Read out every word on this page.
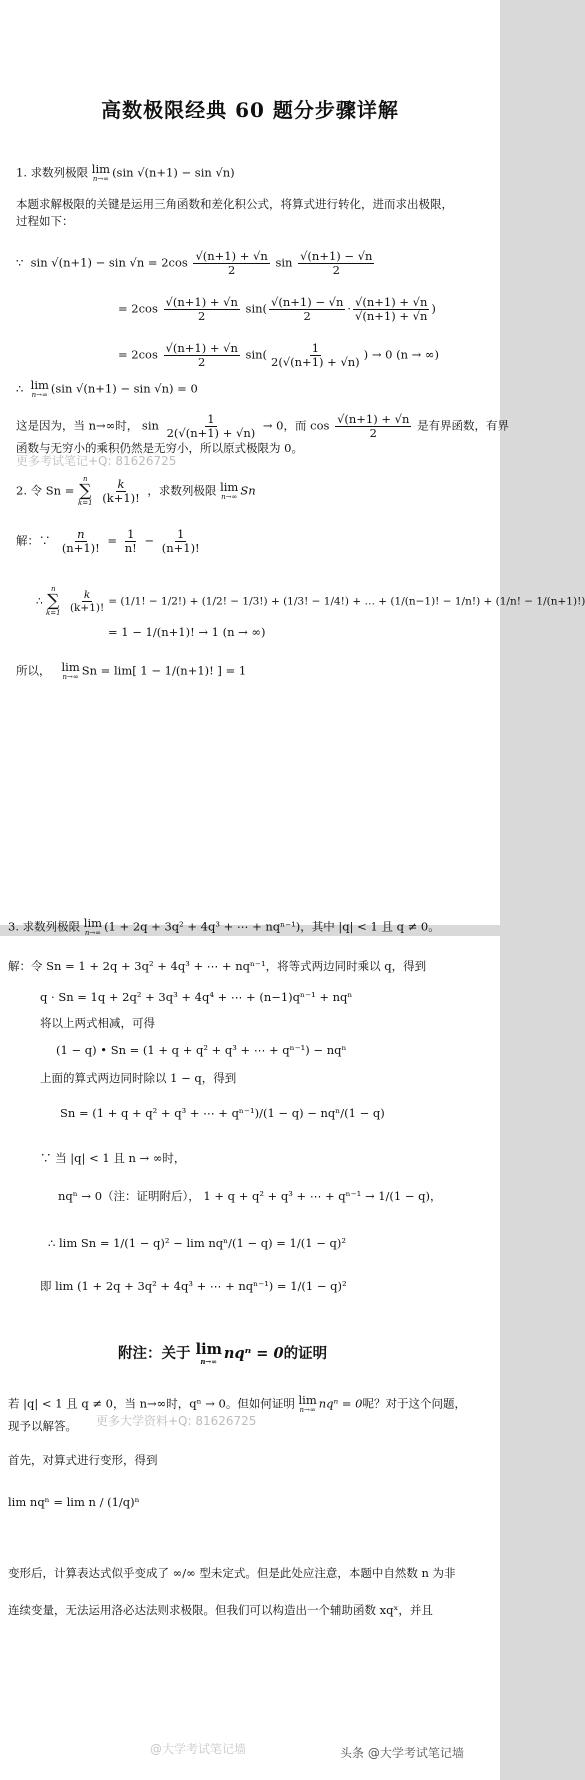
高数极限经典 60 题分步骤详解
1. 求数列极限 lim
n→∞ (sin √(n+1) − sin √n)
本题求解极限的关键是运用三角函数和差化积公式，将算式进行转化，进而求出极限，
过程如下：
∵ $\sin √(n+1) - \sin √n = 2\cos \frac{√(n+1) + √n}{2}$ $\sin \frac{√(n+1) - √n}{2}$
= $2\cos \frac{√(n+1) + √n}{2} \sin( \frac{√(n+1) - √n}{2} \cdot \frac{√(n+1) + √n}{√(n+1) + √n}$ )
= $2\cos \frac{√(n+1) + √n}{2} \sin( \frac{1}{2(√(n+1) + √n)}$ ) → 0 (n → ∞)
∴ lim
n→∞ (sin √(n+1) − sin √n) = 0
这是因为，当 n→∞时， $\sin \frac{1}{2(√(n+1) + √n)} \to 0$，而 $\cos \frac{√(n+1) + √n}{2}$ 是有界函数，有界
函数与无穷小的乘积仍然是无穷小，所以原式极限为 0。
更多考试笔记+Q: 81626725
2. 令 Sn =
n
∑
k=1
$\frac{k}{(k+1)!}$ ，求数列极限 lim
n→∞ Sn
解：∵ $\frac{n}{(n+1)!} = \frac{1}{n!} - \frac{1}{(n+1)!}$
∴
n
∑
k=1
$\frac{k}{(k+1)!} = (1/1$! − 1/2!) + (1/2! − 1/3!) + (1/3! − 1/4!) + … + (1/(n−1)! − 1/n!) + (1/n! − 1/(n+1)!)
= 1 − 1/(n+1)! → 1 (n → ∞)
所以， lim
n→∞ Sn = lim[ 1 − 1/(n+1)! ] = 1
3. 求数列极限 lim
n→∞ (1 + 2q + 3q² + 4q³ + ⋯ + nqⁿ⁻¹)，其中 |q| < 1 且 q ≠ 0。
解：令 Sn = 1 + 2q + 3q² + 4q³ + ⋯ + nqⁿ⁻¹，将等式两边同时乘以 q，得到
q · Sn = 1q + 2q² + 3q³ + 4q⁴ + ⋯ + (n−1)qⁿ⁻¹ + nqⁿ
将以上两式相减，可得
(1 − q) • Sn = (1 + q + q² + q³ + ⋯ + qⁿ⁻¹) − nqⁿ
上面的算式两边同时除以 1 − q，得到
Sn = (1 + q + q² + q³ + ⋯ + qⁿ⁻¹)/(1 − q) − nqⁿ/(1 − q)
∵ 当 |q| < 1 且 n → ∞时，
nqⁿ → 0（注：证明附后）， 1 + q + q² + q³ + ⋯ + qⁿ⁻¹ → 1/(1 − q)，
∴ lim Sn = 1/(1 − q)² − lim nqⁿ/(1 − q) = 1/(1 − q)²
即 lim (1 + 2q + 3q² + 4q³ + ⋯ + nqⁿ⁻¹) = 1/(1 − q)²
附注：关于 lim
n→∞ nqⁿ = 0的证明
若 |q| < 1 且 q ≠ 0，当 n→∞时，qⁿ → 0。但如何证明 lim
n→∞ nqⁿ = 0呢？对于这个问题，
现予以解答。 更多大学资料+Q: 81626725
首先，对算式进行变形，得到
lim nqⁿ = lim n / (1/q)ⁿ
变形后，计算表达式似乎变成了 ∞/∞ 型未定式。但是此处应注意，本题中自然数 n 为非
连续变量，无法运用洛必达法则求极限。但我们可以构造出一个辅助函数 xqˣ，并且
@大学考试笔记墙	头条 @大学考试笔记墙
